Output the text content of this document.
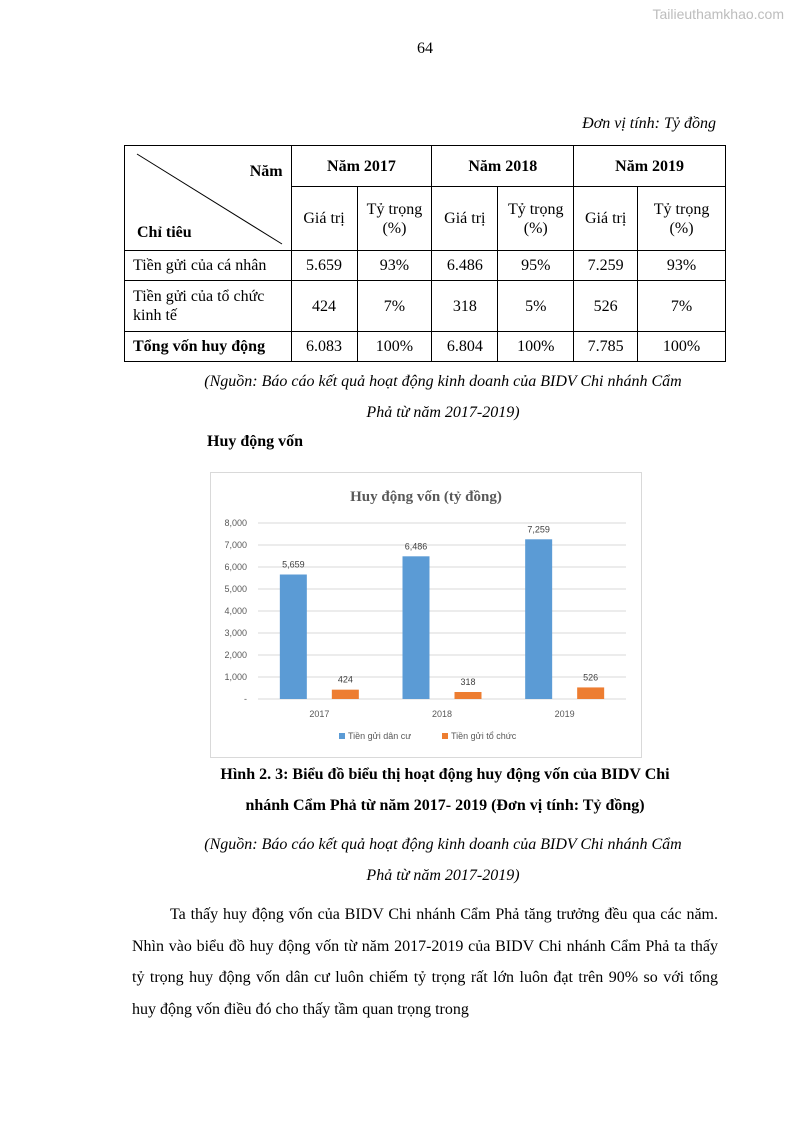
Tailieuthamkhao.com
64
Đơn vị tính: Tỷ đồng
Năm
Chỉ tiêu	Năm 2017		Năm 2018		Năm 2019	
	Giá trị	Tỷ trọng (%)	Giá trị	Tỷ trọng (%)	Giá trị	Tỷ trọng (%)
Tiền gửi của cá nhân	5.659	93%	6.486	95%	7.259	93%
Tiền gửi của tổ chức kinh tế	424	7%	318	5%	526	7%
Tổng vốn huy động	6.083	100%	6.804	100%	7.785	100%
(Nguồn: Báo cáo kết quả hoạt động kinh doanh của BIDV Chi nhánh Cẩm
Phả từ năm 2017-2019)
Huy động vốn
Huy động vốn (tỷ đồng)
-
1,000
2,000
3,000
4,000
5,000
6,000
7,000
8,000
2017
5,659
424
2018
6,486
318
2019
7,259
526
Tiền gửi dân cư	Tiền gửi tổ chức
Hình 2. 3: Biểu đồ biểu thị hoạt động huy động vốn của BIDV Chi
nhánh Cẩm Phả từ năm 2017- 2019 (Đơn vị tính: Tỷ đồng)
(Nguồn: Báo cáo kết quả hoạt động kinh doanh của BIDV Chi nhánh Cẩm
Phả từ năm 2017-2019)
Ta thấy huy động vốn của BIDV Chi nhánh Cẩm Phả tăng trưởng đều qua các năm. Nhìn vào biểu đồ huy động vốn từ năm 2017-2019 của BIDV Chi nhánh Cẩm Phả ta thấy tỷ trọng huy động vốn dân cư luôn chiếm tỷ trọng rất lớn luôn đạt trên 90% so với tổng huy động vốn điều đó cho thấy tầm quan trọng trong
